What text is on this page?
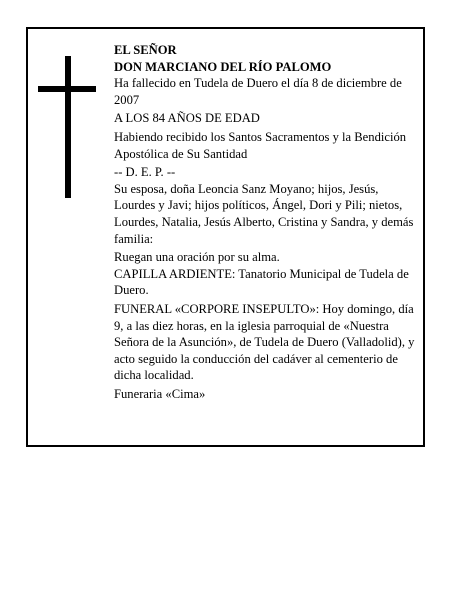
EL SEÑOR

DON MARCIANO DEL RÍO PALOMO

Ha fallecido en Tudela de Duero el día 8 de diciembre de 2007

A LOS 84 AÑOS DE EDAD

Habiendo recibido los Santos Sacramentos y la Bendición Apostólica de Su Santidad

-- D. E. P. --

Su esposa, doña Leoncia Sanz Moyano; hijos, Jesús, Lourdes y Javi; hijos políticos, Ángel, Dori y Pili; nietos, Lourdes, Natalia, Jesús Alberto, Cristina y Sandra, y demás familia:

Ruegan una oración por su alma.

CAPILLA ARDIENTE: Tanatorio Municipal de Tudela de Duero.

FUNERAL «CORPORE INSEPULTO»: Hoy domingo, día 9, a las diez horas, en la iglesia parroquial de «Nuestra Señora de la Asunción», de Tudela de Duero (Valladolid), y acto seguido la conducción del cadáver al cementerio de dicha localidad.

Funeraria «Cima»
